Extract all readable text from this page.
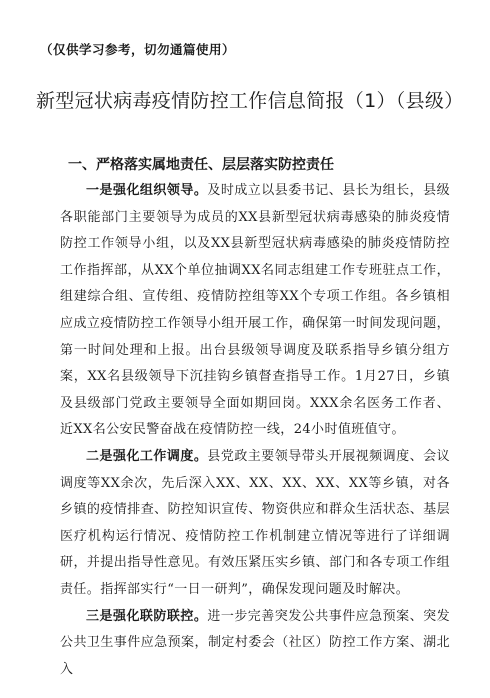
（仅供学习参考，切勿通篇使用）
新型冠状病毒疫情防控工作信息简报（1）（县级）
一、严格落实属地责任、层层落实防控责任

一是强化组织领导。及时成立以县委书记、县长为组长，县级各职能部门主要领导为成员的XX县新型冠状病毒感染的肺炎疫情防控工作领导小组，以及XX县新型冠状病毒感染的肺炎疫情防控工作指挥部，从XX个单位抽调XX名同志组建工作专班驻点工作，组建综合组、宣传组、疫情防控组等XX个专项工作组。各乡镇相应成立疫情防控工作领导小组开展工作，确保第一时间发现问题，第一时间处理和上报。出台县级领导调度及联系指导乡镇分组方案，XX名县级领导下沉挂钩乡镇督查指导工作。1月27日，乡镇及县级部门党政主要领导全面如期回岗。XXX余名医务工作者、近XX名公安民警奋战在疫情防控一线，24小时值班值守。

二是强化工作调度。县党政主要领导带头开展视频调度、会议调度等XX余次，先后深入XX、XX、XX、XX、XX等乡镇，对各乡镇的疫情排查、防控知识宣传、物资供应和群众生活状态、基层医疗机构运行情况、疫情防控工作机制建立情况等进行了详细调研，并提出指导性意见。有效压紧压实乡镇、部门和各专项工作组责任。指挥部实行“一日一研判”，确保发现问题及时解决。

三是强化联防联控。进一步完善突发公共事件应急预案、突发公共卫生事件应急预案，制定村委会（社区）防控工作方案、湖北入
